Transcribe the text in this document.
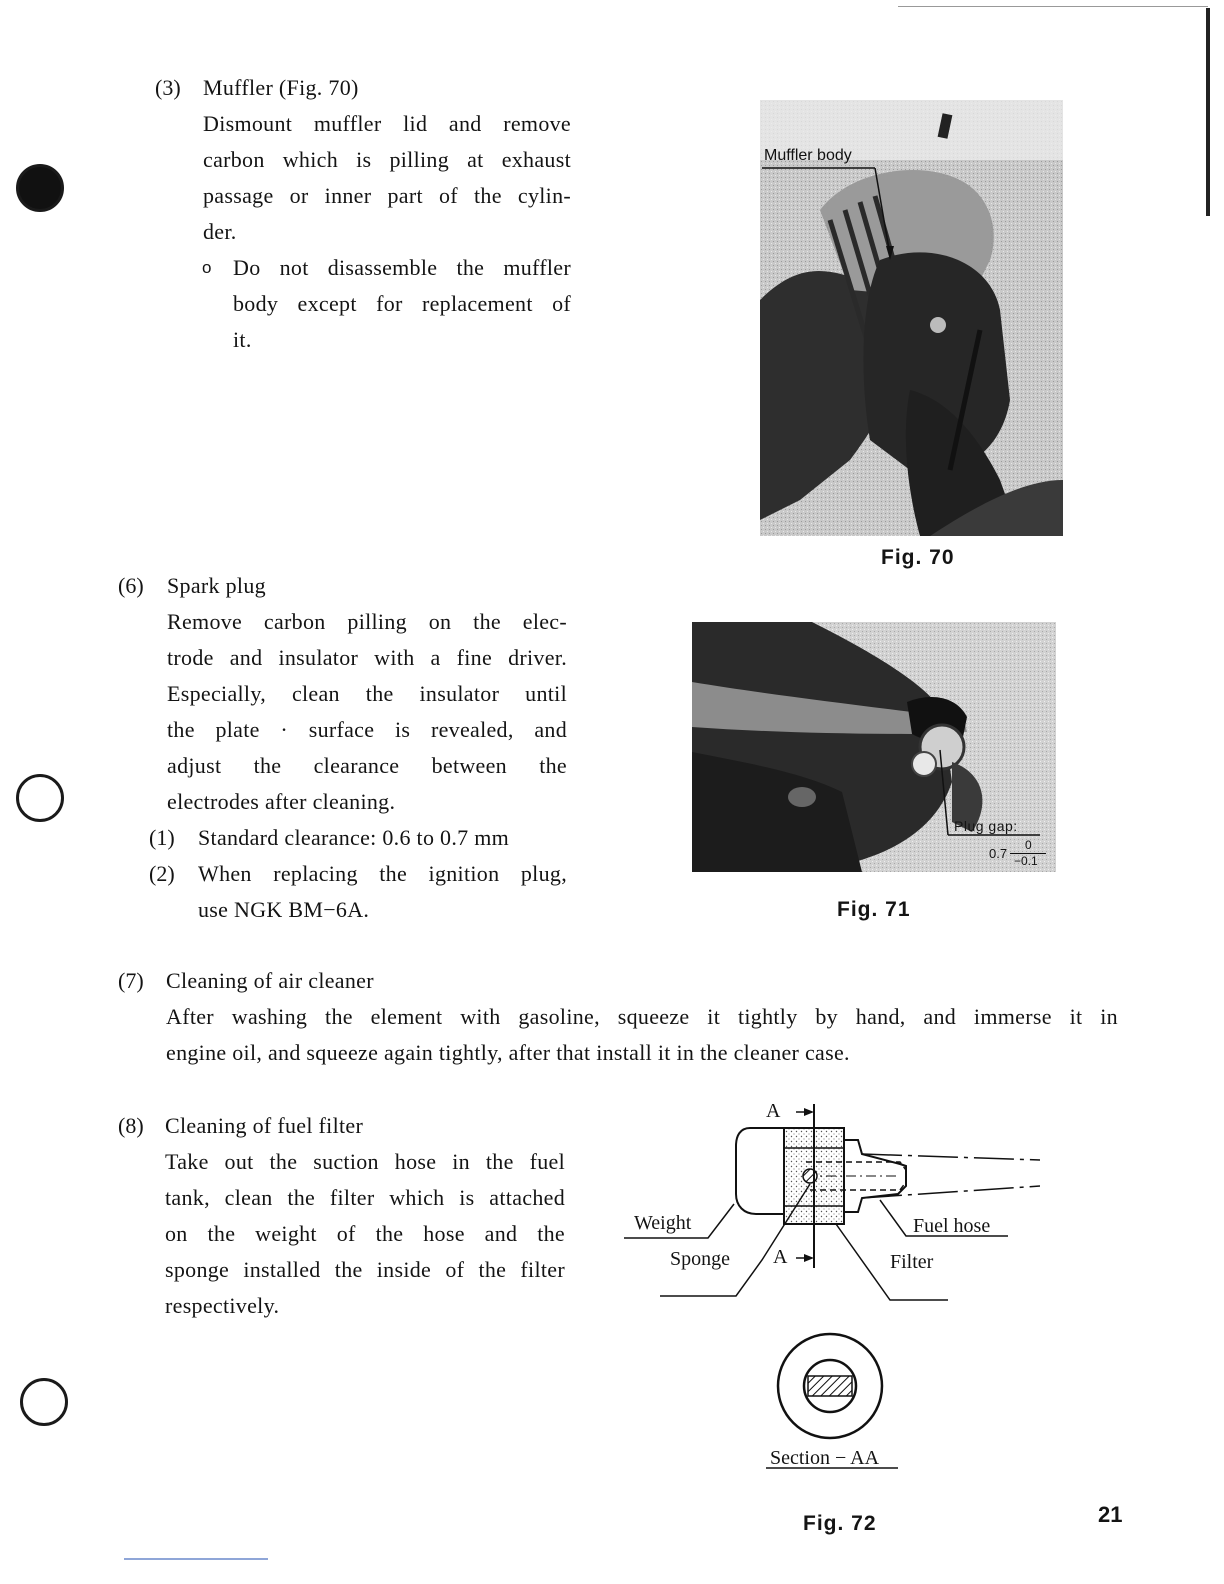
(3) Muffler (Fig. 70)
Dismount muffler lid and remove
carbon which is pilling at exhaust
passage or inner part of the cylin-
der.
o Do not disassemble the muffler
body except for replacement of
it.
Muffler body
Fig. 70
(6) Spark plug
Remove carbon pilling on the elec-
trode and insulator with a fine driver.
Especially, clean the insulator until
the plate · surface is revealed, and
adjust the clearance between the
electrodes after cleaning.
(1) Standard clearance: 0.6 to 0.7 mm
(2) When replacing the ignition plug,
use NGK BM−6A.
Plug gap:
0.7
0
−0.1
Fig. 71
(7) Cleaning of air cleaner
After washing the element with gasoline, squeeze it tightly by hand, and immerse it in
engine oil, and squeeze again tightly, after that install it in the cleaner case.
(8) Cleaning of fuel filter
Take out the suction hose in the fuel
tank, clean the filter which is attached
on the weight of the hose and the
sponge installed the inside of the filter
respectively.
A
A
Weight
Sponge
Fuel hose
Filter
Section − AA
Fig. 72	21
